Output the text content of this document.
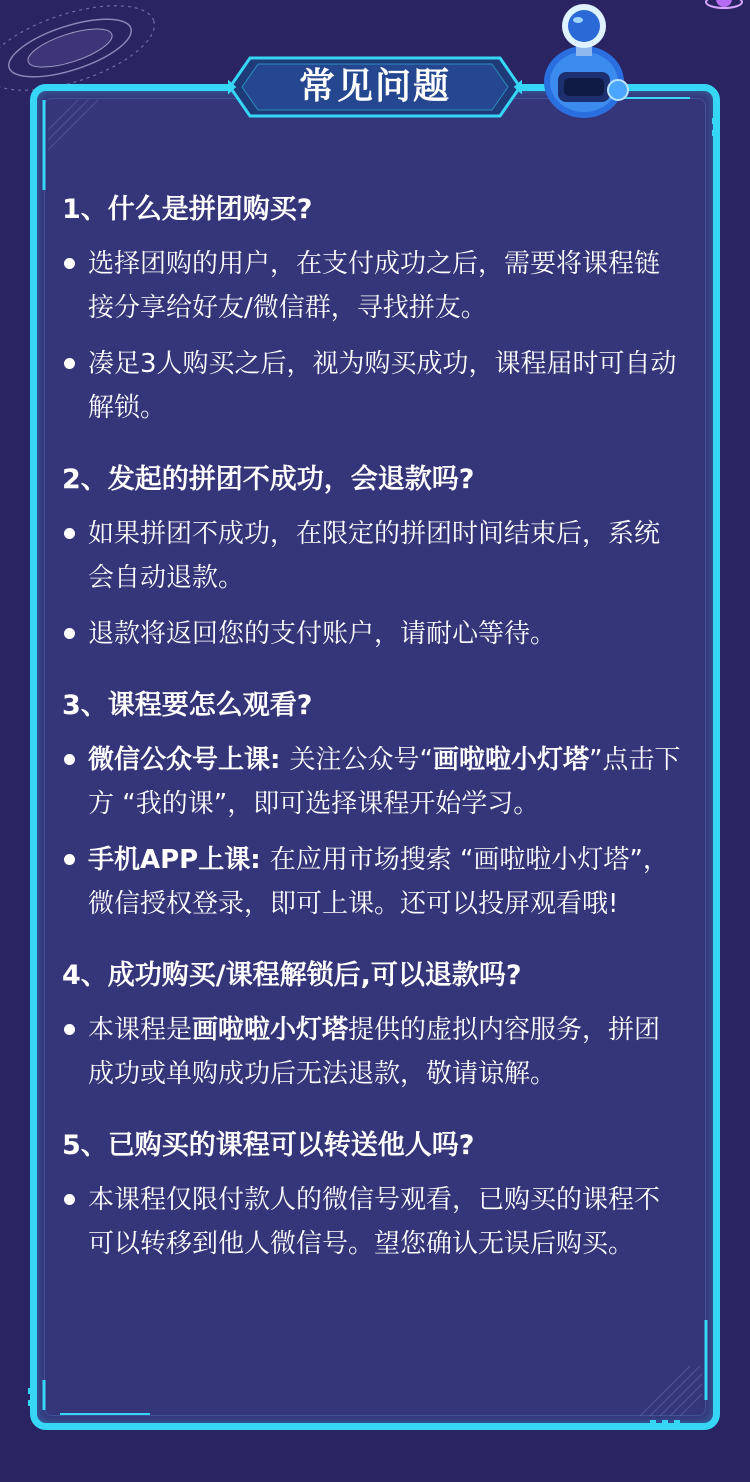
常见问题
1、什么是拼团购买?
选择团购的用户，在支付成功之后，需要将课程链接分享给好友/微信群，寻找拼友。
凑足3人购买之后，视为购买成功，课程届时可自动解锁。
2、发起的拼团不成功，会退款吗?
如果拼团不成功，在限定的拼团时间结束后，系统会自动退款。
退款将返回您的支付账户，请耐心等待。
3、课程要怎么观看?
微信公众号上课: 关注公众号“画啦啦小灯塔”点击下方 “我的课”，即可选择课程开始学习。
手机APP上课: 在应用市场搜索 “画啦啦小灯塔”，微信授权登录，即可上课。还可以投屏观看哦!
4、成功购买/课程解锁后,可以退款吗?
本课程是画啦啦小灯塔提供的虚拟内容服务，拼团成功或单购成功后无法退款，敬请谅解。
5、已购买的课程可以转送他人吗?
本课程仅限付款人的微信号观看，已购买的课程不可以转移到他人微信号。望您确认无误后购买。
